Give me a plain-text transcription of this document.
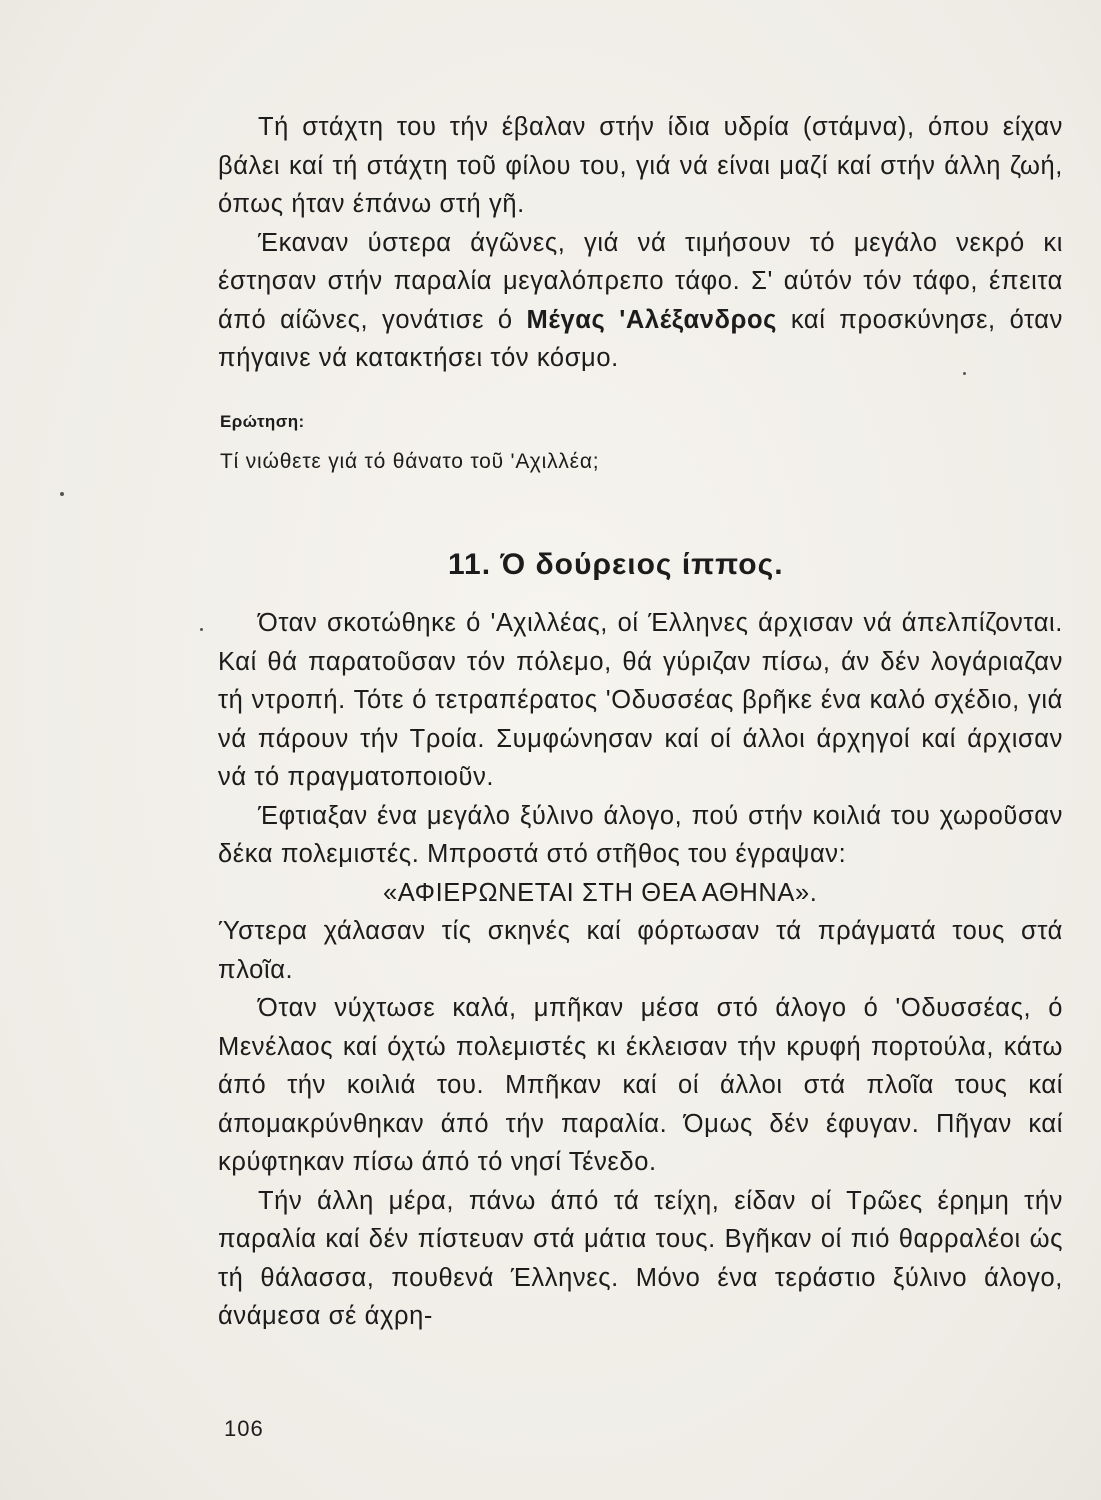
Τή στάχτη του τήν έβαλαν στήν ίδια υδρία (στάμνα), όπου είχαν βάλει καί τή στάχτη τοῦ φίλου του, γιά νά είναι μαζί καί στήν άλλη ζωή, όπως ήταν έπάνω στή γῆ.

Έκαναν ύστερα άγῶνες, γιά νά τιμήσουν τό μεγάλο νεκρό κι έστησαν στήν παραλία μεγαλόπρεπο τάφο. Σ' αύτόν τόν τάφο, έπειτα άπό αίῶνες, γονάτισε ό Μέγας 'Αλέξανδρος καί προσκύνησε, όταν πήγαινε νά κατακτήσει τόν κόσμο.

Ερώτηση:
Τί νιώθετε γιά τό θάνατο τοῦ 'Αχιλλέα;
11. Ό δούρειος ίππος.

Όταν σκοτώθηκε ό 'Αχιλλέας, οί Έλληνες άρχισαν νά άπελπίζονται. Καί θά παρατοῦσαν τόν πόλεμο, θά γύριζαν πίσω, άν δέν λογάριαζαν τή ντροπή. Τότε ό τετραπέρατος 'Οδυσσέας βρῆκε ένα καλό σχέδιο, γιά νά πάρουν τήν Τροία. Συμφώνησαν καί οί άλλοι άρχηγοί καί άρχισαν νά τό πραγματοποιοῦν.

Έφτιαξαν ένα μεγάλο ξύλινο άλογο, πού στήν κοιλιά του χωροῦσαν δέκα πολεμιστές. Μπροστά στό στῆθος του έγραψαν:

«ΑΦΙΕΡΩΝΕΤΑΙ ΣΤΗ ΘΕΑ ΑΘΗΝΑ».

Ύστερα χάλασαν τίς σκηνές καί φόρτωσαν τά πράγματά τους στά πλοῖα.

Όταν νύχτωσε καλά, μπῆκαν μέσα στό άλογο ό 'Οδυσσέας, ό Μενέλαος καί όχτώ πολεμιστές κι έκλεισαν τήν κρυφή πορτούλα, κάτω άπό τήν κοιλιά του. Μπῆκαν καί οί άλλοι στά πλοῖα τους καί άπομακρύνθηκαν άπό τήν παραλία. Όμως δέν έφυγαν. Πῆγαν καί κρύφτηκαν πίσω άπό τό νησί Τένεδο.

Τήν άλλη μέρα, πάνω άπό τά τείχη, είδαν οί Τρῶες έρημη τήν παραλία καί δέν πίστευαν στά μάτια τους. Βγῆκαν οί πιό θαρραλέοι ώς τή θάλασσα, πουθενά Έλληνες. Μόνο ένα τεράστιο ξύλινο άλογο, άνάμεσα σέ άχρη-

106
